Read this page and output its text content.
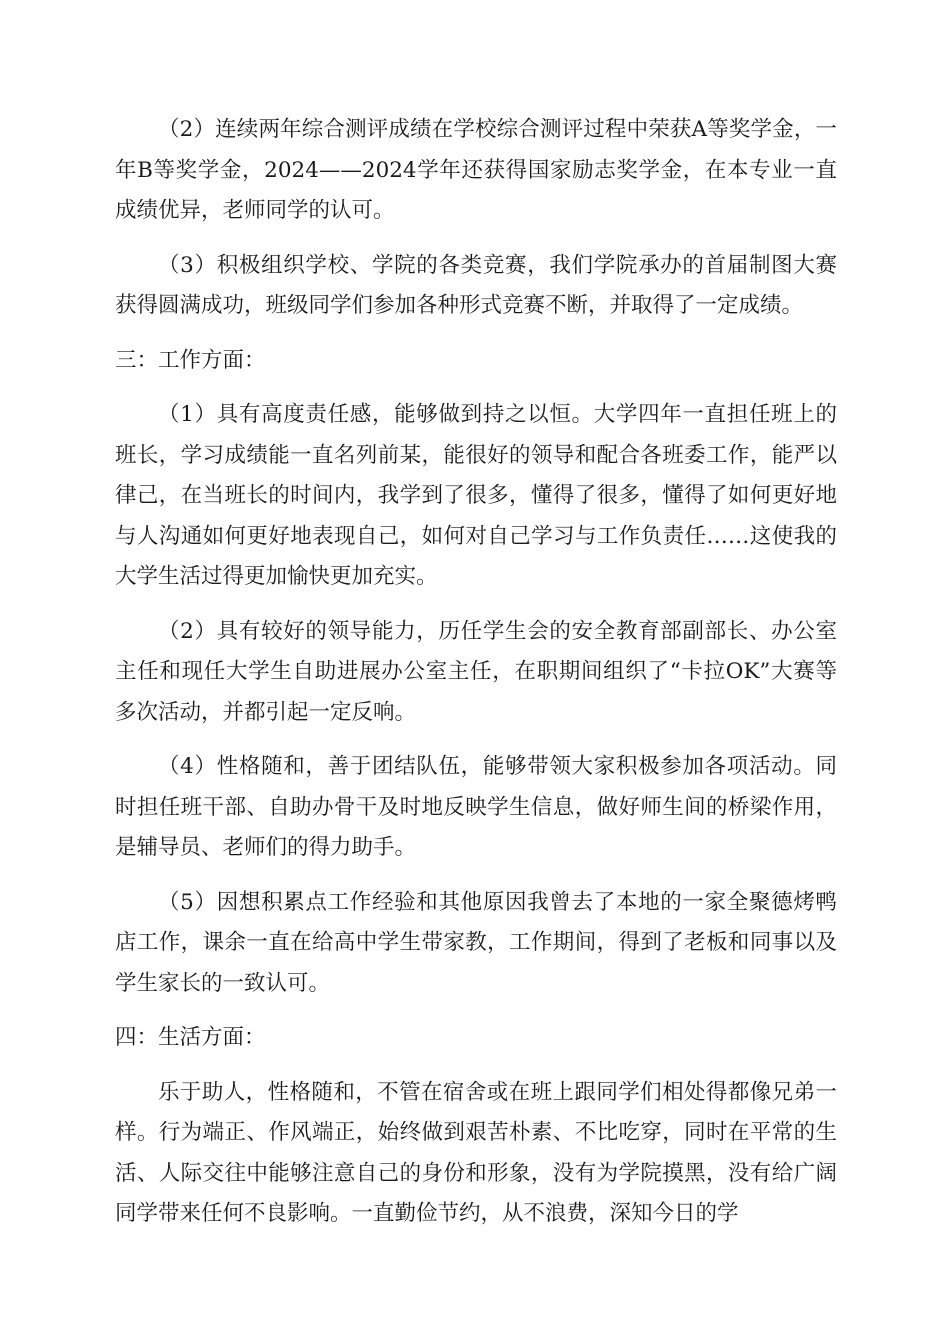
（2）连续两年综合测评成绩在学校综合测评过程中荣获A等奖学金，一年B等奖学金，2024——2024学年还获得国家励志奖学金，在本专业一直成绩优异，老师同学的认可。

（3）积极组织学校、学院的各类竞赛，我们学院承办的首届制图大赛获得圆满成功，班级同学们参加各种形式竞赛不断，并取得了一定成绩。

三：工作方面：

（1）具有高度责任感，能够做到持之以恒。大学四年一直担任班上的班长，学习成绩能一直名列前某，能很好的领导和配合各班委工作，能严以律己，在当班长的时间内，我学到了很多，懂得了很多，懂得了如何更好地与人沟通如何更好地表现自己，如何对自己学习与工作负责任……这使我的大学生活过得更加愉快更加充实。

（2）具有较好的领导能力，历任学生会的安全教育部副部长、办公室主任和现任大学生自助进展办公室主任，在职期间组织了“卡拉OK”大赛等多次活动，并都引起一定反响。

（4）性格随和，善于团结队伍，能够带领大家积极参加各项活动。同时担任班干部、自助办骨干及时地反映学生信息，做好师生间的桥梁作用，是辅导员、老师们的得力助手。

（5）因想积累点工作经验和其他原因我曾去了本地的一家全聚德烤鸭店工作，课余一直在给高中学生带家教，工作期间，得到了老板和同事以及学生家长的一致认可。

四：生活方面：

乐于助人，性格随和，不管在宿舍或在班上跟同学们相处得都像兄弟一样。行为端正、作风端正，始终做到艰苦朴素、不比吃穿，同时在平常的生活、人际交往中能够注意自己的身份和形象，没有为学院摸黑，没有给广阔同学带来任何不良影响。一直勤俭节约，从不浪费，深知今日的学
